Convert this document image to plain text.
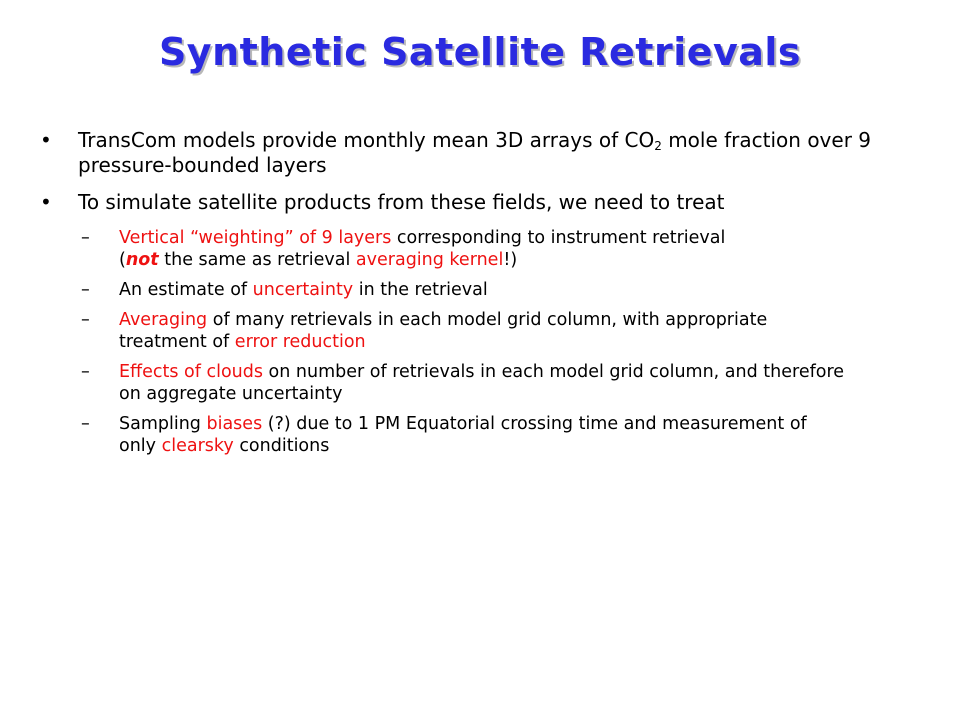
Synthetic Satellite Retrievals
• TransCom models provide monthly mean 3D arrays of $CO_2$ mole fraction over 9 pressure-bounded layers
• To simulate satellite products from these fields, we need to treat
– Vertical “weighting” of 9 layers corresponding to instrument retrieval
(not the same as retrieval averaging kernel!)
– An estimate of uncertainty in the retrieval
– Averaging of many retrievals in each model grid column, with appropriate treatment of error reduction
– Effects of clouds on number of retrievals in each model grid column, and therefore on aggregate uncertainty
– Sampling biases (?) due to 1 PM Equatorial crossing time and measurement of only clearsky conditions
